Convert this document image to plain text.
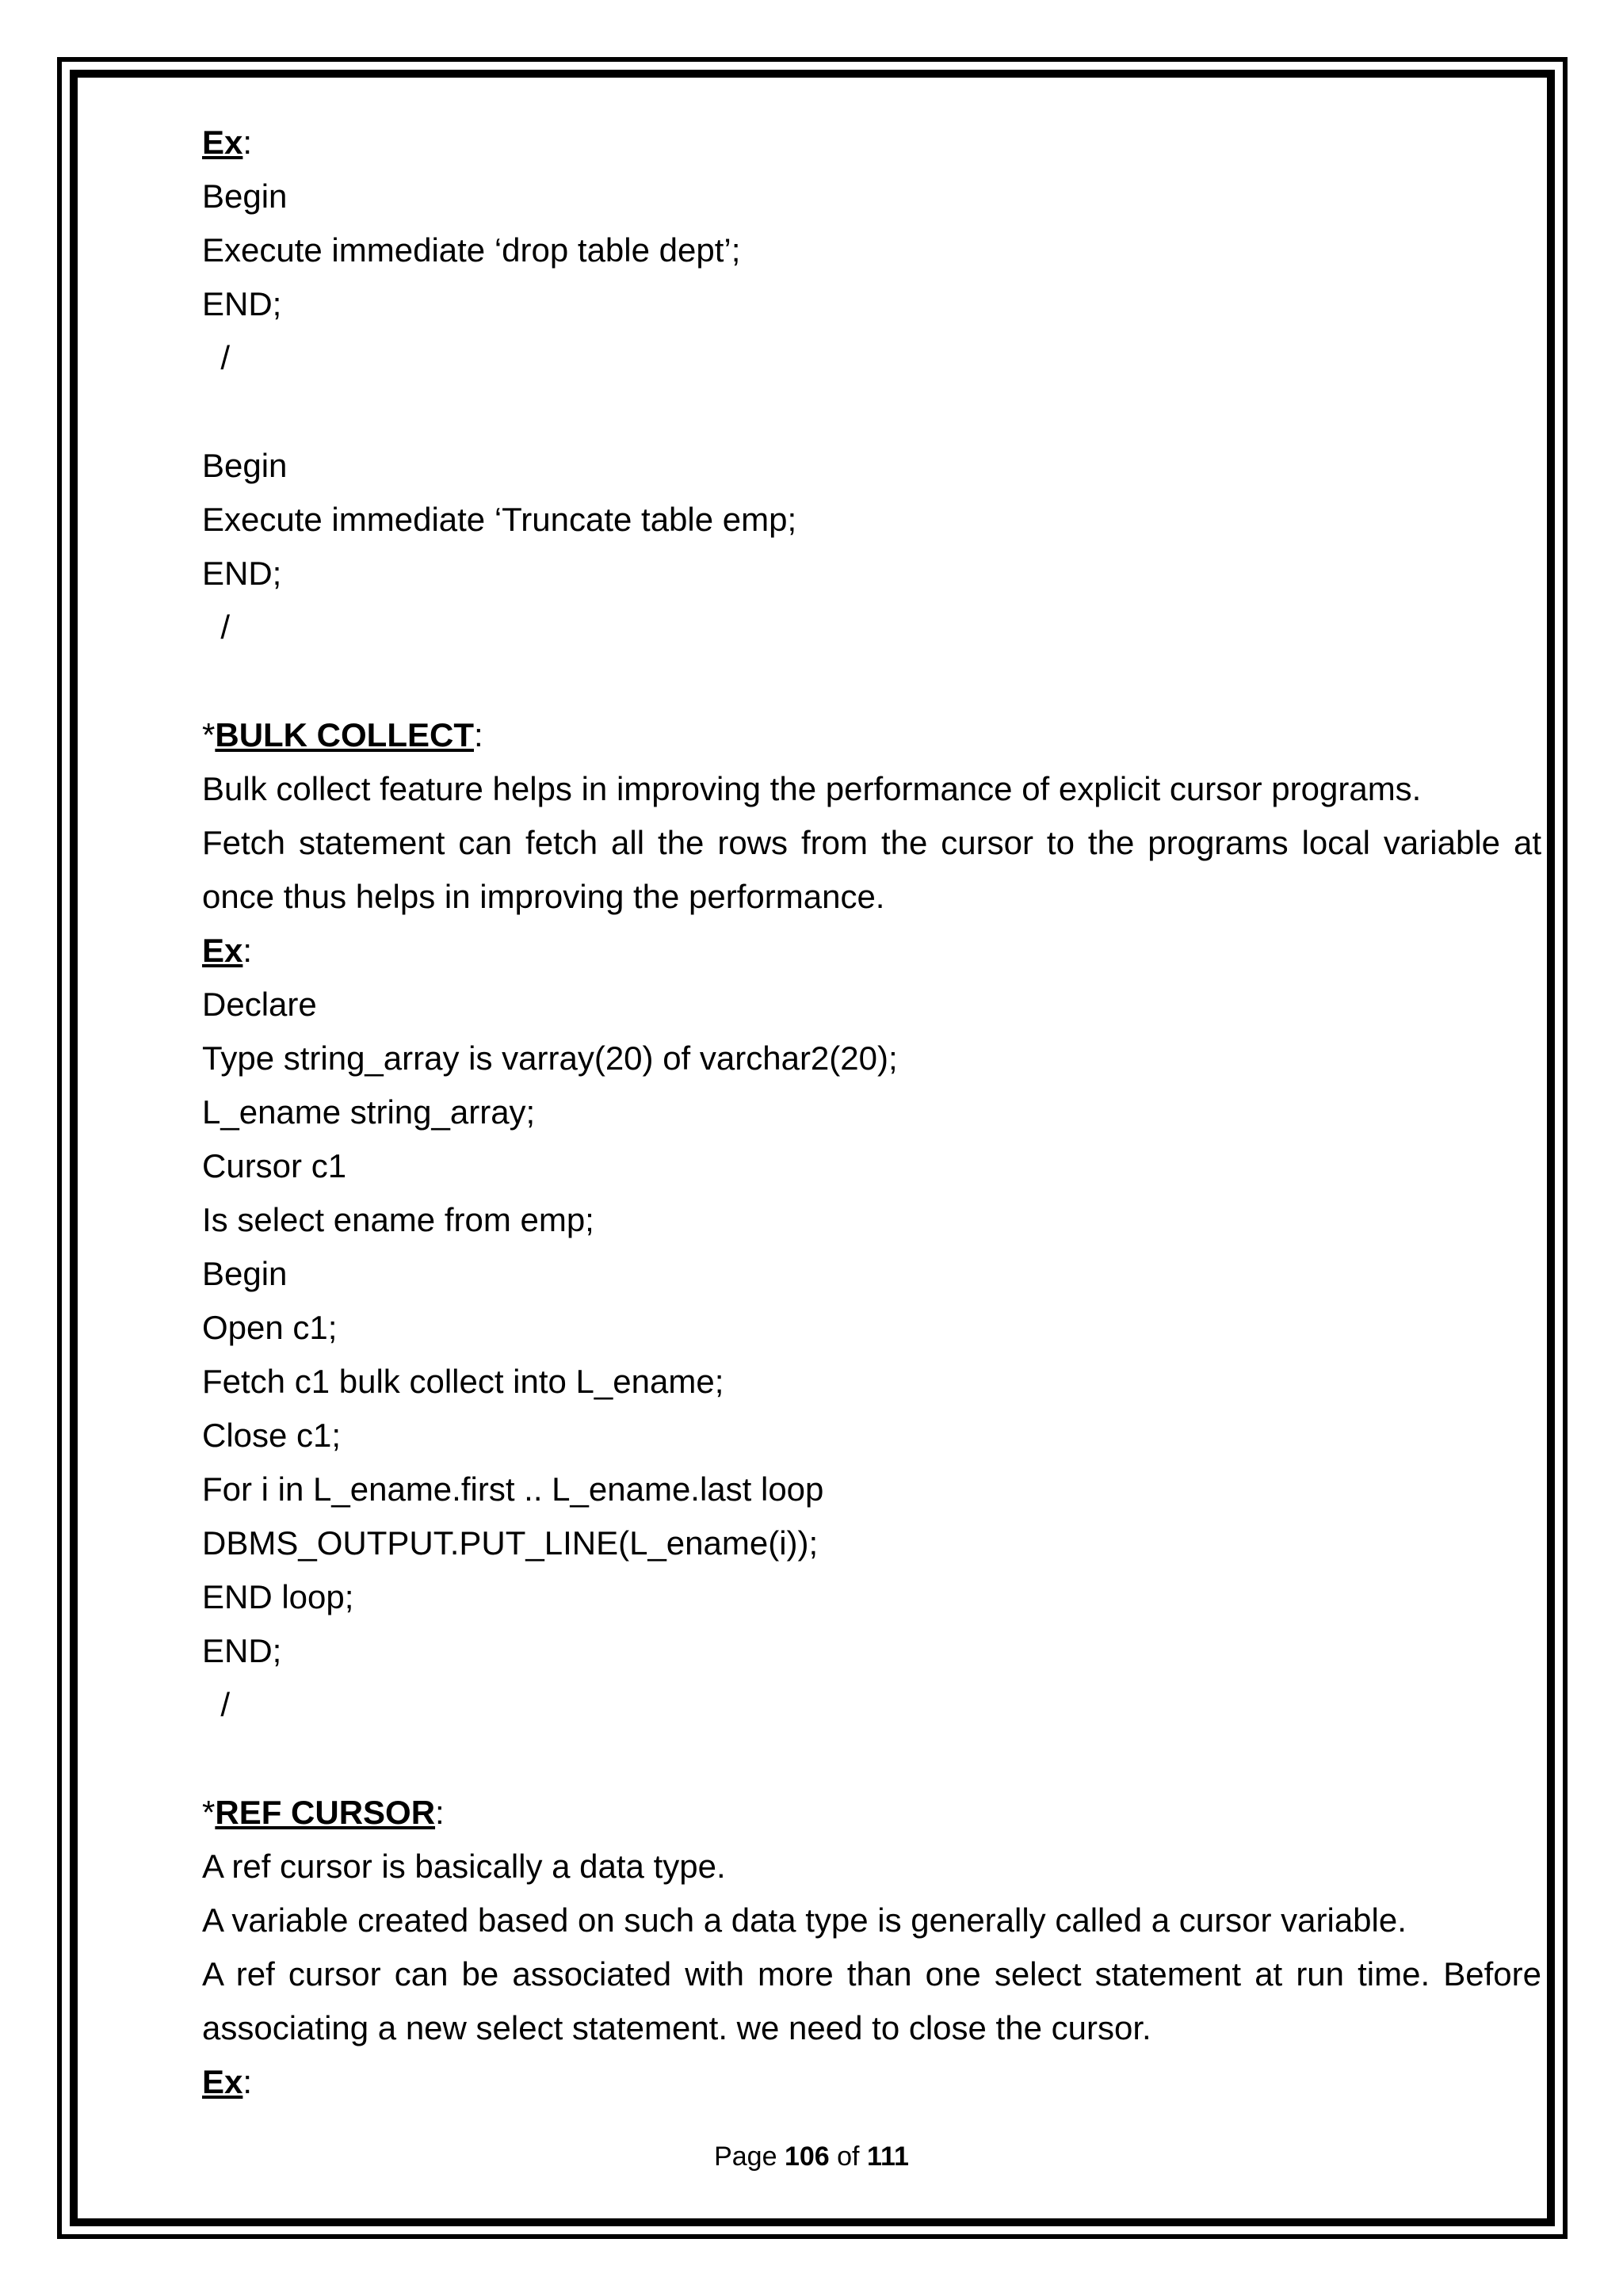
Ex:
Begin
Execute immediate ‘drop table dept’;
END;
/
Begin
Execute immediate ‘Truncate table emp;
END;
/
*BULK COLLECT:
Bulk collect feature helps in improving the performance of explicit cursor programs.
Fetch statement can fetch all the rows from the cursor to the programs local variable at once thus helps in improving the performance.
Ex:
Declare
Type string_array is varray(20) of varchar2(20);
L_ename string_array;
Cursor c1
Is select ename from emp;
Begin
Open c1;
Fetch c1 bulk collect into L_ename;
Close c1;
For i in L_ename.first .. L_ename.last loop
DBMS_OUTPUT.PUT_LINE(L_ename(i));
END loop;
END;
/
*REF CURSOR:
A ref cursor is basically a data type.
A variable created based on such a data type is generally called a cursor variable.
A ref cursor can be associated with more than one select statement at run time. Before associating a new select statement. we need to close the cursor.
Ex:
Page 106 of 111
